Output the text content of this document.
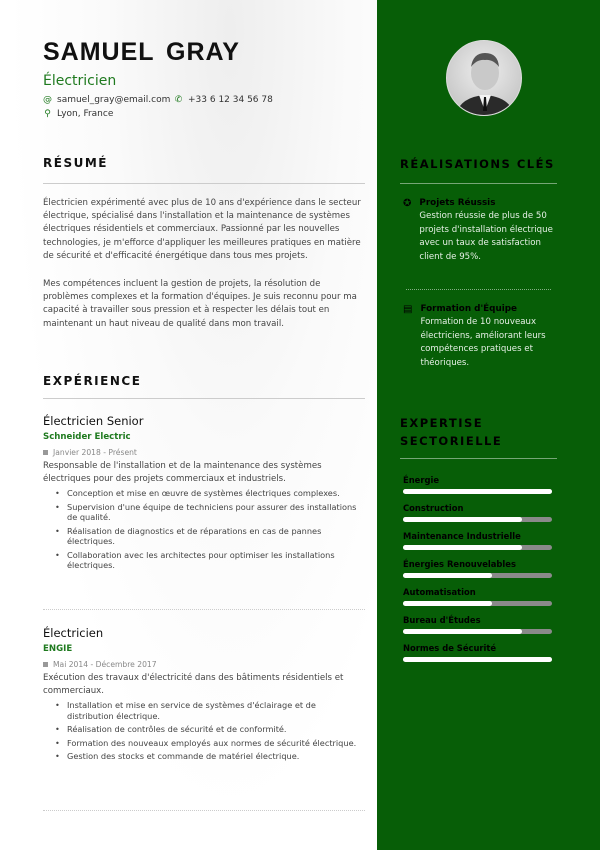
SAMUEL GRAY
Électricien
@ samuel_gray@email.com ✆ +33 6 12 34 56 78
⚲ Lyon, France
RÉSUMÉ
Électricien expérimenté avec plus de 10 ans d'expérience dans le secteur électrique, spécialisé dans l'installation et la maintenance de systèmes électriques résidentiels et commerciaux. Passionné par les nouvelles technologies, je m'efforce d'appliquer les meilleures pratiques en matière de sécurité et d'efficacité énergétique dans tous mes projets.
Mes compétences incluent la gestion de projets, la résolution de problèmes complexes et la formation d'équipes. Je suis reconnu pour ma capacité à travailler sous pression et à respecter les délais tout en maintenant un haut niveau de qualité dans mon travail.
EXPÉRIENCE
Électricien Senior
Schneider Electric
Janvier 2018 - Présent
Responsable de l'installation et de la maintenance des systèmes électriques pour des projets commerciaux et industriels.
• Conception et mise en œuvre de systèmes électriques complexes.
• Supervision d'une équipe de techniciens pour assurer des installations de qualité.
• Réalisation de diagnostics et de réparations en cas de pannes électriques.
• Collaboration avec les architectes pour optimiser les installations électriques.
Électricien
ENGIE
Mai 2014 - Décembre 2017
Exécution des travaux d'électricité dans des bâtiments résidentiels et commerciaux.
• Installation et mise en service de systèmes d'éclairage et de distribution électrique.
• Réalisation de contrôles de sécurité et de conformité.
• Formation des nouveaux employés aux normes de sécurité électrique.
• Gestion des stocks et commande de matériel électrique.
RÉALISATIONS CLÉS
✪ Projets Réussis
Gestion réussie de plus de 50 projets d'installation électrique avec un taux de satisfaction client de 95%.
▤ Formation d'Équipe
Formation de 10 nouveaux électriciens, améliorant leurs compétences pratiques et théoriques.
EXPERTISE SECTORIELLE
Énergie
Construction
Maintenance Industrielle
Énergies Renouvelables
Automatisation
Bureau d'Études
Normes de Sécurité
